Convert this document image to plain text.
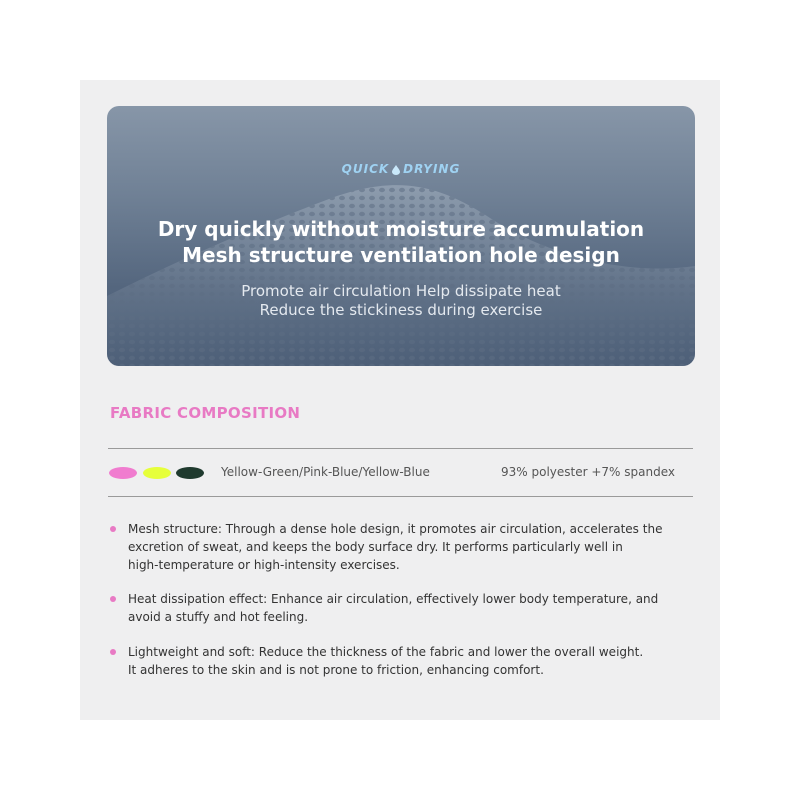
QUICK DRYING
Dry quickly without moisture accumulation
Mesh structure ventilation hole design
Promote air circulation Help dissipate heat
Reduce the stickiness during exercise
FABRIC COMPOSITION
Yellow-Green/Pink-Blue/Yellow-Blue	93% polyester +7% spandex
Mesh structure: Through a dense hole design, it promotes air circulation, accelerates the
excretion of sweat, and keeps the body surface dry. It performs particularly well in
high-temperature or high-intensity exercises.
Heat dissipation effect: Enhance air circulation, effectively lower body temperature, and
avoid a stuffy and hot feeling.
Lightweight and soft: Reduce the thickness of the fabric and lower the overall weight.
It adheres to the skin and is not prone to friction, enhancing comfort.
